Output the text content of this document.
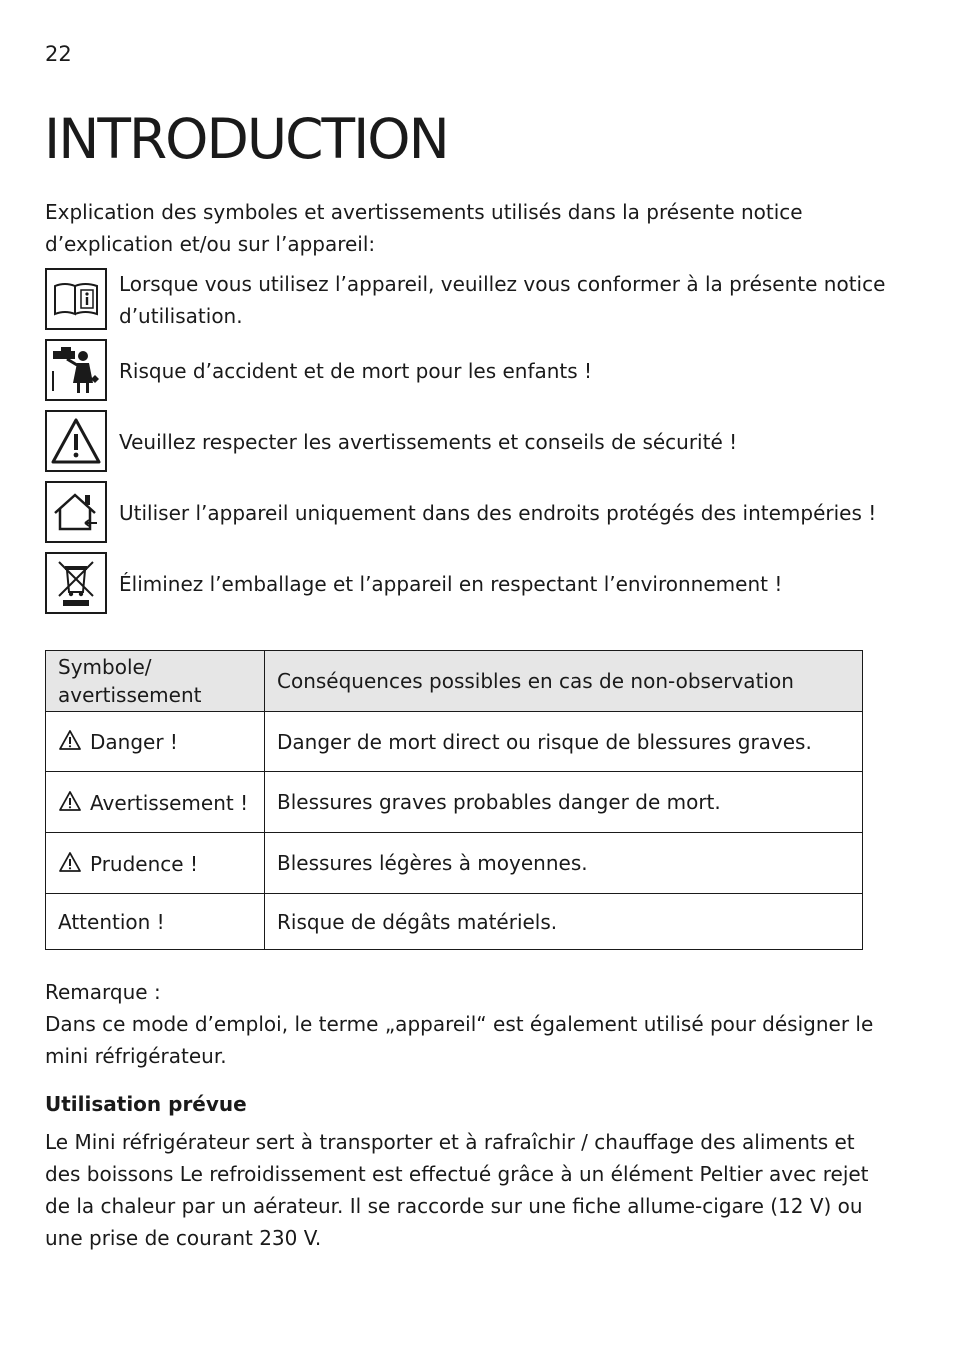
22
INTRODUCTION

Explication des symboles et avertissements utilisés dans la présente notice d’explication et/ou sur l’appareil:

Lorsque vous utilisez l’appareil, veuillez vous conformer à la présente notice d’utilisation.
Risque d’accident et de mort pour les enfants !
Veuillez respecter les avertissements et conseils de sécurité !
Utiliser l’appareil uniquement dans des endroits protégés des intempéries !
Éliminez l’emballage et l’appareil en respectant l’environnement !
Symbole/ avertissement	Conséquences possibles en cas de non-observation
Danger !	Danger de mort direct ou risque de blessures graves.
Avertissement !	Blessures graves probables danger de mort.
Prudence !	Blessures légères à moyennes.
Attention !	Risque de dégâts matériels.
Remarque :
Dans ce mode d’emploi, le terme „appareil“ est également utilisé pour désigner le mini réfrigérateur.
Utilisation prévue

Le Mini réfrigérateur sert à transporter et à rafraîchir / chauffage des aliments et des boissons Le refroidissement est effectué grâce à un élément Peltier avec rejet de la chaleur par un aérateur. Il se raccorde sur une fiche allume-cigare (12 V) ou une prise de courant 230 V.
